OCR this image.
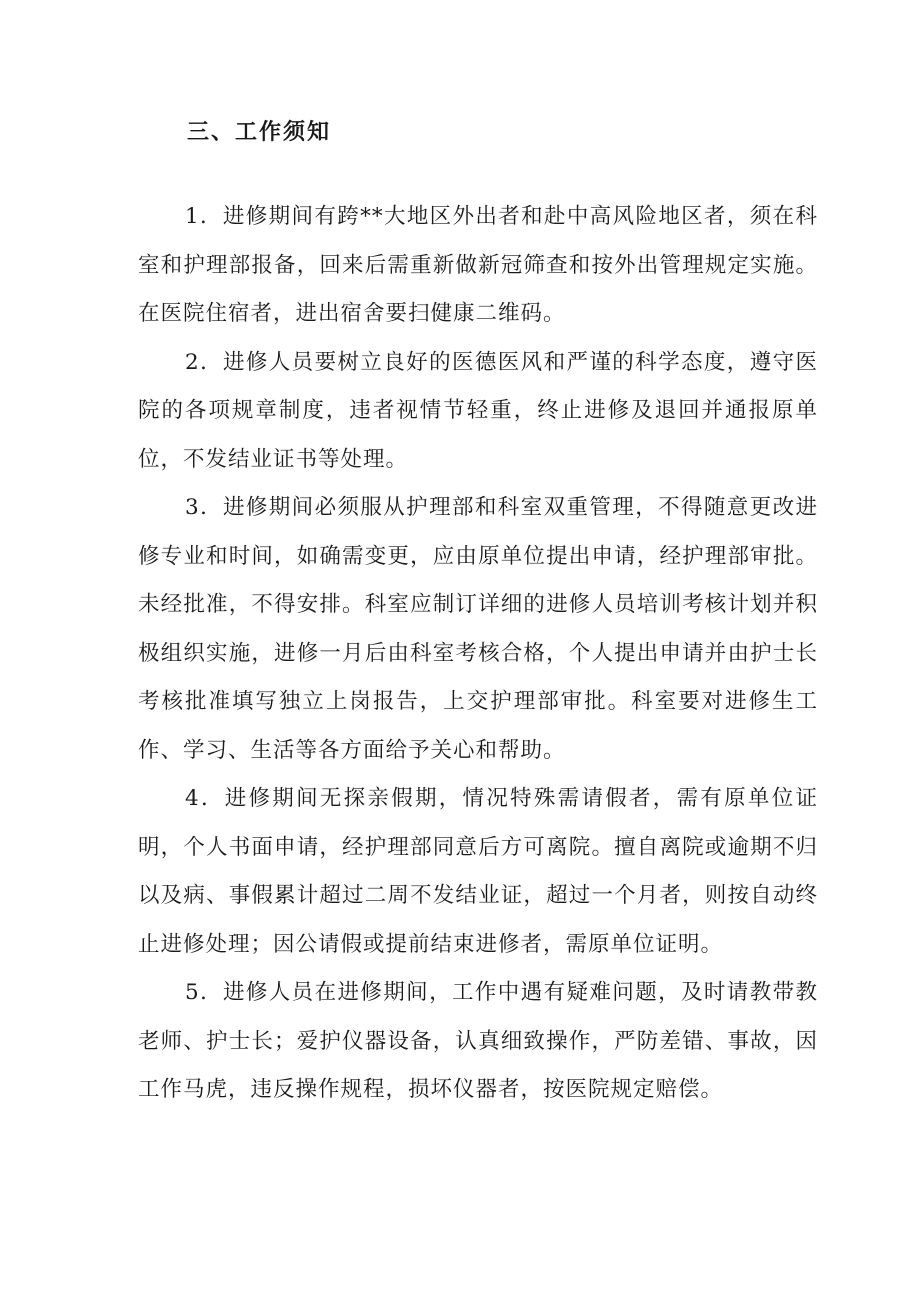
三、工作须知

1．进修期间有跨**大地区外出者和赴中高风险地区者，须在科室和护理部报备，回来后需重新做新冠筛查和按外出管理规定实施。在医院住宿者，进出宿舍要扫健康二维码。

2．进修人员要树立良好的医德医风和严谨的科学态度，遵守医院的各项规章制度，违者视情节轻重，终止进修及退回并通报原单位，不发结业证书等处理。

3．进修期间必须服从护理部和科室双重管理，不得随意更改进修专业和时间，如确需变更，应由原单位提出申请，经护理部审批。未经批准，不得安排。科室应制订详细的进修人员培训考核计划并积极组织实施，进修一月后由科室考核合格，个人提出申请并由护士长考核批准填写独立上岗报告，上交护理部审批。科室要对进修生工作、学习、生活等各方面给予关心和帮助。

4．进修期间无探亲假期，情况特殊需请假者，需有原单位证明，个人书面申请，经护理部同意后方可离院。擅自离院或逾期不归以及病、事假累计超过二周不发结业证，超过一个月者，则按自动终止进修处理；因公请假或提前结束进修者，需原单位证明。

5．进修人员在进修期间，工作中遇有疑难问题，及时请教带教老师、护士长；爱护仪器设备，认真细致操作，严防差错、事故，因工作马虎，违反操作规程，损坏仪器者，按医院规定赔偿。
